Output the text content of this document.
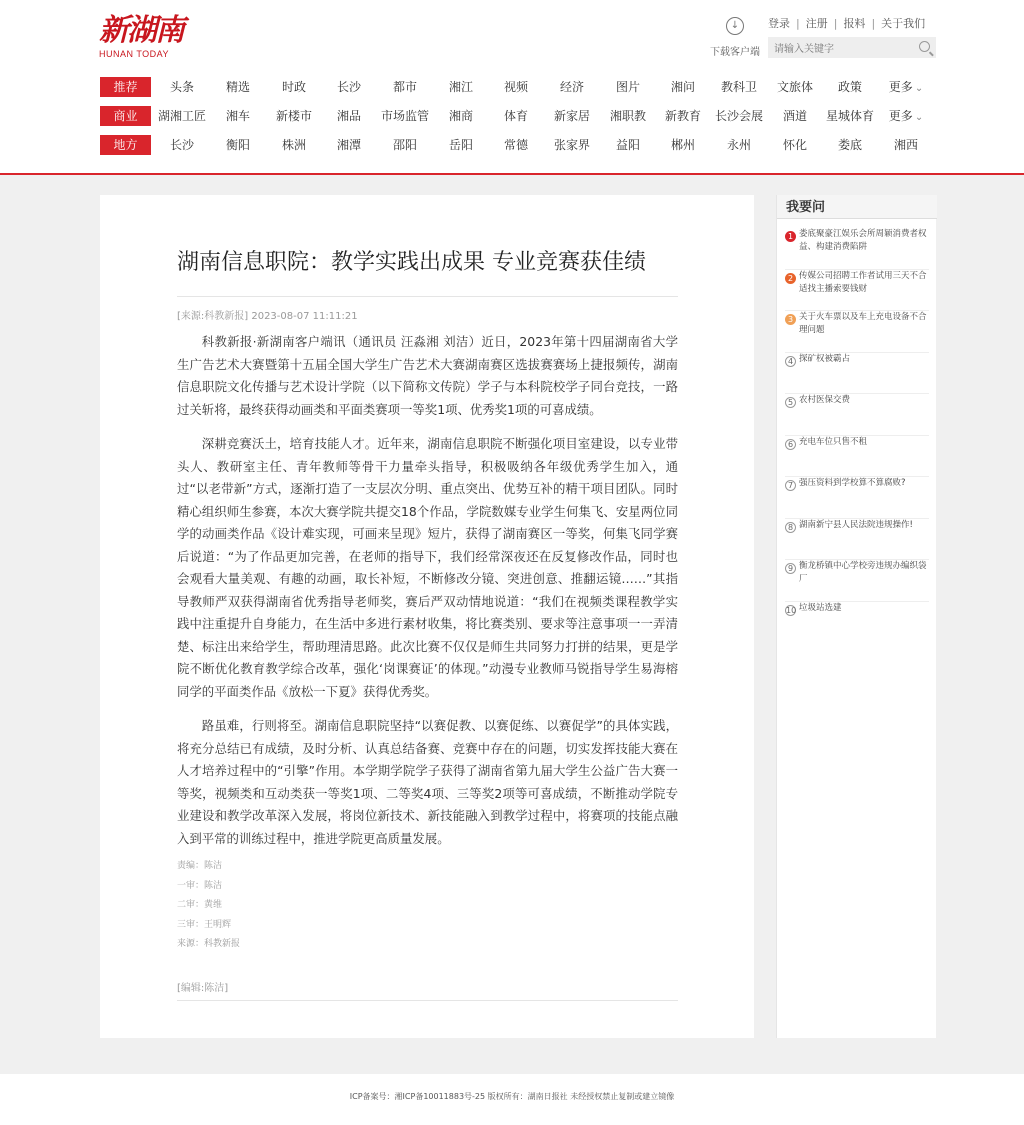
新湖南
HUNAN TODAY
↓
下载客户端
登录 | 注册 | 报料 | 关于我们
请输入关键字
推荐	头条	精选	时政	长沙	都市	湘江	视频	经济	图片	湘问	教科卫	文旅体	政策	更多 ⌄
商业	湖湘工匠	湘车	新楼市	湘品	市场监管	湘商	体育	新家居	湘职教	新教育	长沙会展	酒道	星城体育	更多 ⌄
地方	长沙	衡阳	株洲	湘潭	邵阳	岳阳	常德	张家界	益阳	郴州	永州	怀化	娄底	湘西
湖南信息职院：教学实践出成果 专业竞赛获佳绩
[来源:科教新报] 2023-08-07 11:11:21

科教新报·新湖南客户端讯（通讯员 汪淼湘 刘洁）近日，2023年第十四届湖南省大学生广告艺术大赛暨第十五届全国大学生广告艺术大赛湖南赛区选拔赛赛场上捷报频传，湖南信息职院文化传播与艺术设计学院（以下简称文传院）学子与本科院校学子同台竞技，一路过关斩将，最终获得动画类和平面类赛项一等奖1项、优秀奖1项的可喜成绩。

深耕竞赛沃土，培育技能人才。近年来，湖南信息职院不断强化项目室建设，以专业带头人、教研室主任、青年教师等骨干力量牵头指导，积极吸纳各年级优秀学生加入，通过“以老带新”方式，逐渐打造了一支层次分明、重点突出、优势互补的精干项目团队。同时精心组织师生参赛，本次大赛学院共提交18个作品，学院数媒专业学生何集飞、安星两位同学的动画类作品《设计难实现，可画来呈现》短片，获得了湖南赛区一等奖，何集飞同学赛后说道：“为了作品更加完善，在老师的指导下，我们经常深夜还在反复修改作品，同时也会观看大量美观、有趣的动画，取长补短，不断修改分镜、突进创意、推翻运镜……”其指导教师严双获得湖南省优秀指导老师奖，赛后严双动情地说道：“我们在视频类课程教学实践中注重提升自身能力，在生活中多进行素材收集，将比赛类别、要求等注意事项一一弄清楚、标注出来给学生，帮助理清思路。此次比赛不仅仅是师生共同努力打拼的结果，更是学院不断优化教育教学综合改革，强化‘岗课赛证’的体现。”动漫专业教师马锐指导学生易海榕同学的平面类作品《放松一下夏》获得优秀奖。

路虽难，行则将至。湖南信息职院坚持“以赛促教、以赛促练、以赛促学”的具体实践，将充分总结已有成绩，及时分析、认真总结备赛、竞赛中存在的问题，切实发挥技能大赛在人才培养过程中的“引擎”作用。本学期学院学子获得了湖南省第九届大学生公益广告大赛一等奖，视频类和互动类获一等奖1项、二等奖4项、三等奖2项等可喜成绩，不断推动学院专业建设和教学改革深入发展，将岗位新技术、新技能融入到教学过程中，将赛项的技能点融入到平常的训练过程中，推进学院更高质量发展。

责编：陈洁
一审：陈洁
二审：黄维
三审：王明辉
来源：科教新报
[编辑:陈洁]
我要问
1 娄底聚豪江娱乐会所周颖消费者权益、构建消费陷阱
2 传媒公司招聘工作者试用三天不合适找主播索要钱财
3 关于火车票以及车上充电设备不合理问题
4 探矿权被霸占
5 农村医保交费
6 充电车位只售不租
7 强压资料到学校算不算腐败?
8 湖南新宁县人民法院违规操作!
9 衡龙桥镇中心学校旁违规办编织袋厂
10 垃圾站选建
ICP备案号：湘ICP备10011883号-25 版权所有：湖南日报社 未经授权禁止复制或建立镜像
